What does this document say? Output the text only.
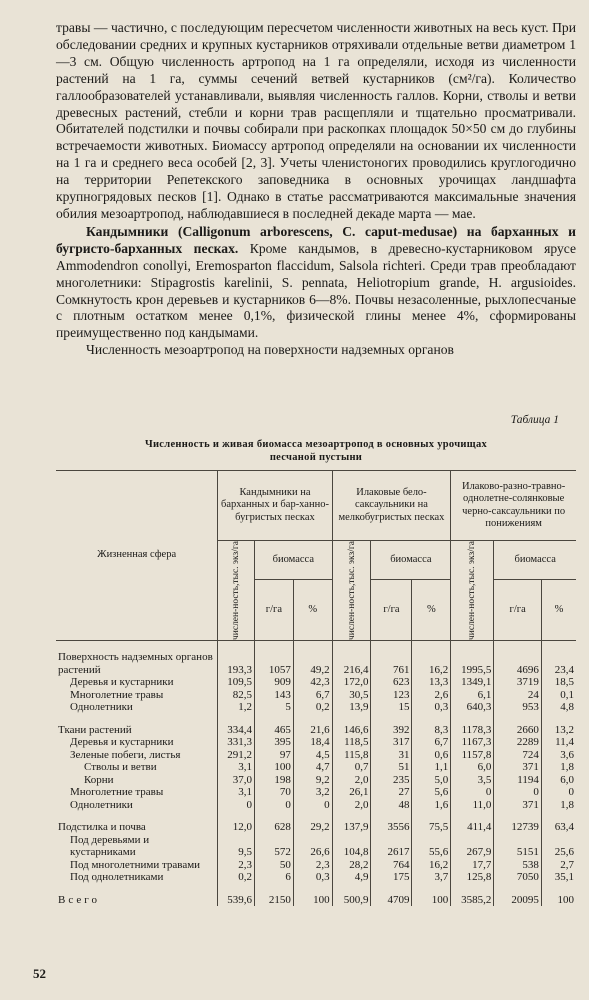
травы — частично, с последующим пересчетом численности животных на весь куст. При обследовании средних и крупных кустарников отряхивали отдельные ветви диаметром 1—3 см. Общую численность артропод на 1 га определяли, исходя из численности растений на 1 га, суммы сечений ветвей кустарников (см²/га). Количество галлообразователей устанавливали, выявляя численность галлов. Корни, стволы и ветви древесных растений, стебли и корни трав расщепляли и тщательно просматривали. Обитателей подстилки и почвы собирали при раскопках площадок 50×50 см до глубины встречаемости животных. Биомассу артропод определяли на основании их численности на 1 га и среднего веса особей [2, 3]. Учеты членистоногих проводились круглогодично на территории Репетекского заповедника в основных урочищах ландшафта крупногрядовых песков [1]. Однако в статье рассматриваются максимальные значения обилия мезоартропод, наблюдавшиеся в последней декаде марта — мае.

Кандымники (Calligonum arborescens, C. caput-medusae) на барханных и бугристо-барханных песках. Кроме кандымов, в древесно-кустарниковом ярусе Ammodendron conollyi, Eremosparton flaccidum, Salsola richteri. Среди трав преобладают многолетники: Stipagrostis karelinii, S. pennata, Heliotropium grande, H. argusioides. Сомкнутость крон деревьев и кустарников 6—8%. Почвы незасоленные, рыхлопесчаные с плотным остатком менее 0,1%, физической глины менее 4%, сформированы преимущественно под кандымами.

Численность мезоартропод на поверхности надземных органов

Таблица 1
Численность и живая биомасса мезоартропод в основных урочищах
песчаной пустыни
Жизненная сфера	Кандымники на барханных и бар-ханно-бугристых песках			Илаковые бело-саксаульники на мелкобугристых песках			Илаково-разно-травно-однолетне-солянковые черно-саксаульники по понижениям		

	числен-ность,тыс. экз/га	биомасса		числен-ность,тыс. экз/га	биомасса		числен-ность,тыс. экз/га	биомасса	
		г/га	%		г/га	%		г/га	%

Поверхность надземных органов растений	193,3	1057	49,2	216,4	761	16,2	1995,5	4696	23,4
Деревья и кустарники	109,5	909	42,3	172,0	623	13,3	1349,1	3719	18,5
Многолетние травы	82,5	143	6,7	30,5	123	2,6	6,1	24	0,1
Однолетники	1,2	5	0,2	13,9	15	0,3	640,3	953	4,8

Ткани растений	334,4	465	21,6	146,6	392	8,3	1178,3	2660	13,2
Деревья и кустарники	331,3	395	18,4	118,5	317	6,7	1167,3	2289	11,4
Зеленые побеги, листья	291,2	97	4,5	115,8	31	0,6	1157,8	724	3,6
Стволы и ветви	3,1	100	4,7	0,7	51	1,1	6,0	371	1,8
Корни	37,0	198	9,2	2,0	235	5,0	3,5	1194	6,0
Многолетние травы	3,1	70	3,2	26,1	27	5,6	0	0	0
Однолетники	0	0	0	2,0	48	1,6	11,0	371	1,8

Подстилка и почва	12,0	628	29,2	137,9	3556	75,5	411,4	12739	63,4
Под деревьями и кустарниками	9,5	572	26,6	104,8	2617	55,6	267,9	5151	25,6
Под многолетними травами	2,3	50	2,3	28,2	764	16,2	17,7	538	2,7
Под однолетниками	0,2	6	0,3	4,9	175	3,7	125,8	7050	35,1

Всего	539,6	2150	100	500,9	4709	100	3585,2	20095	100
52
